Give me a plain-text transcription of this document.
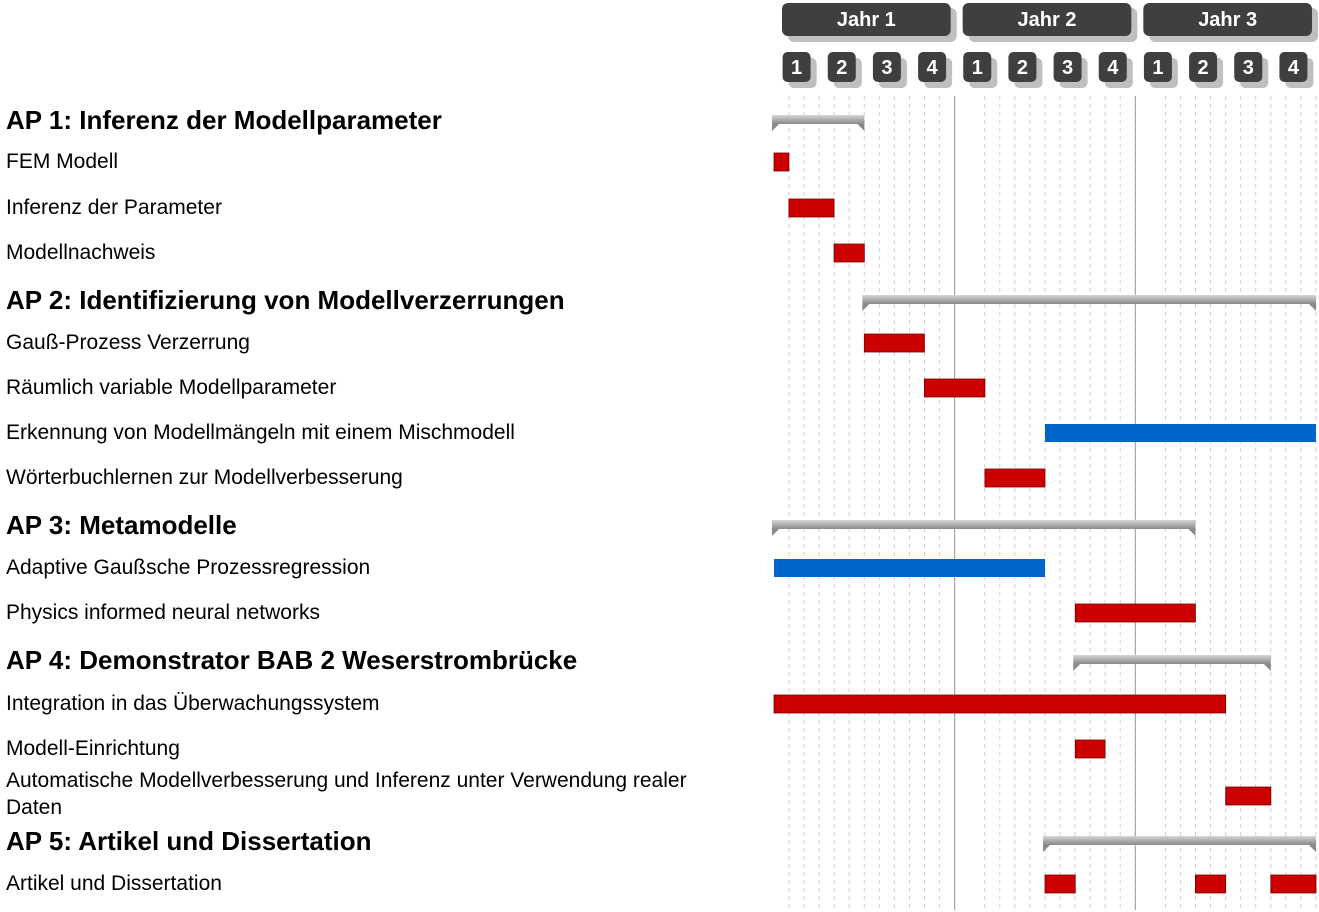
Jahr 1
1 2 3 4
Jahr 2
1 2 3 4
Jahr 3
1 2 3 4
AP 1: Inferenz der Modellparameter
FEM Modell
Inferenz der Parameter
Modellnachweis
AP 2: Identifizierung von Modellverzerrungen
Gauß-Prozess Verzerrung
Räumlich variable Modellparameter
Erkennung von Modellmängeln mit einem Mischmodell
Wörterbuchlernen zur Modellverbesserung
AP 3: Metamodelle
Adaptive Gaußsche Prozessregression
Physics informed neural networks
AP 4: Demonstrator BAB 2 Weserstrombrücke
Integration in das Überwachungssystem
Modell-Einrichtung
Automatische Modellverbesserung und Inferenz unter Verwendung realer Daten
AP 5: Artikel und Dissertation
Artikel und Dissertation
